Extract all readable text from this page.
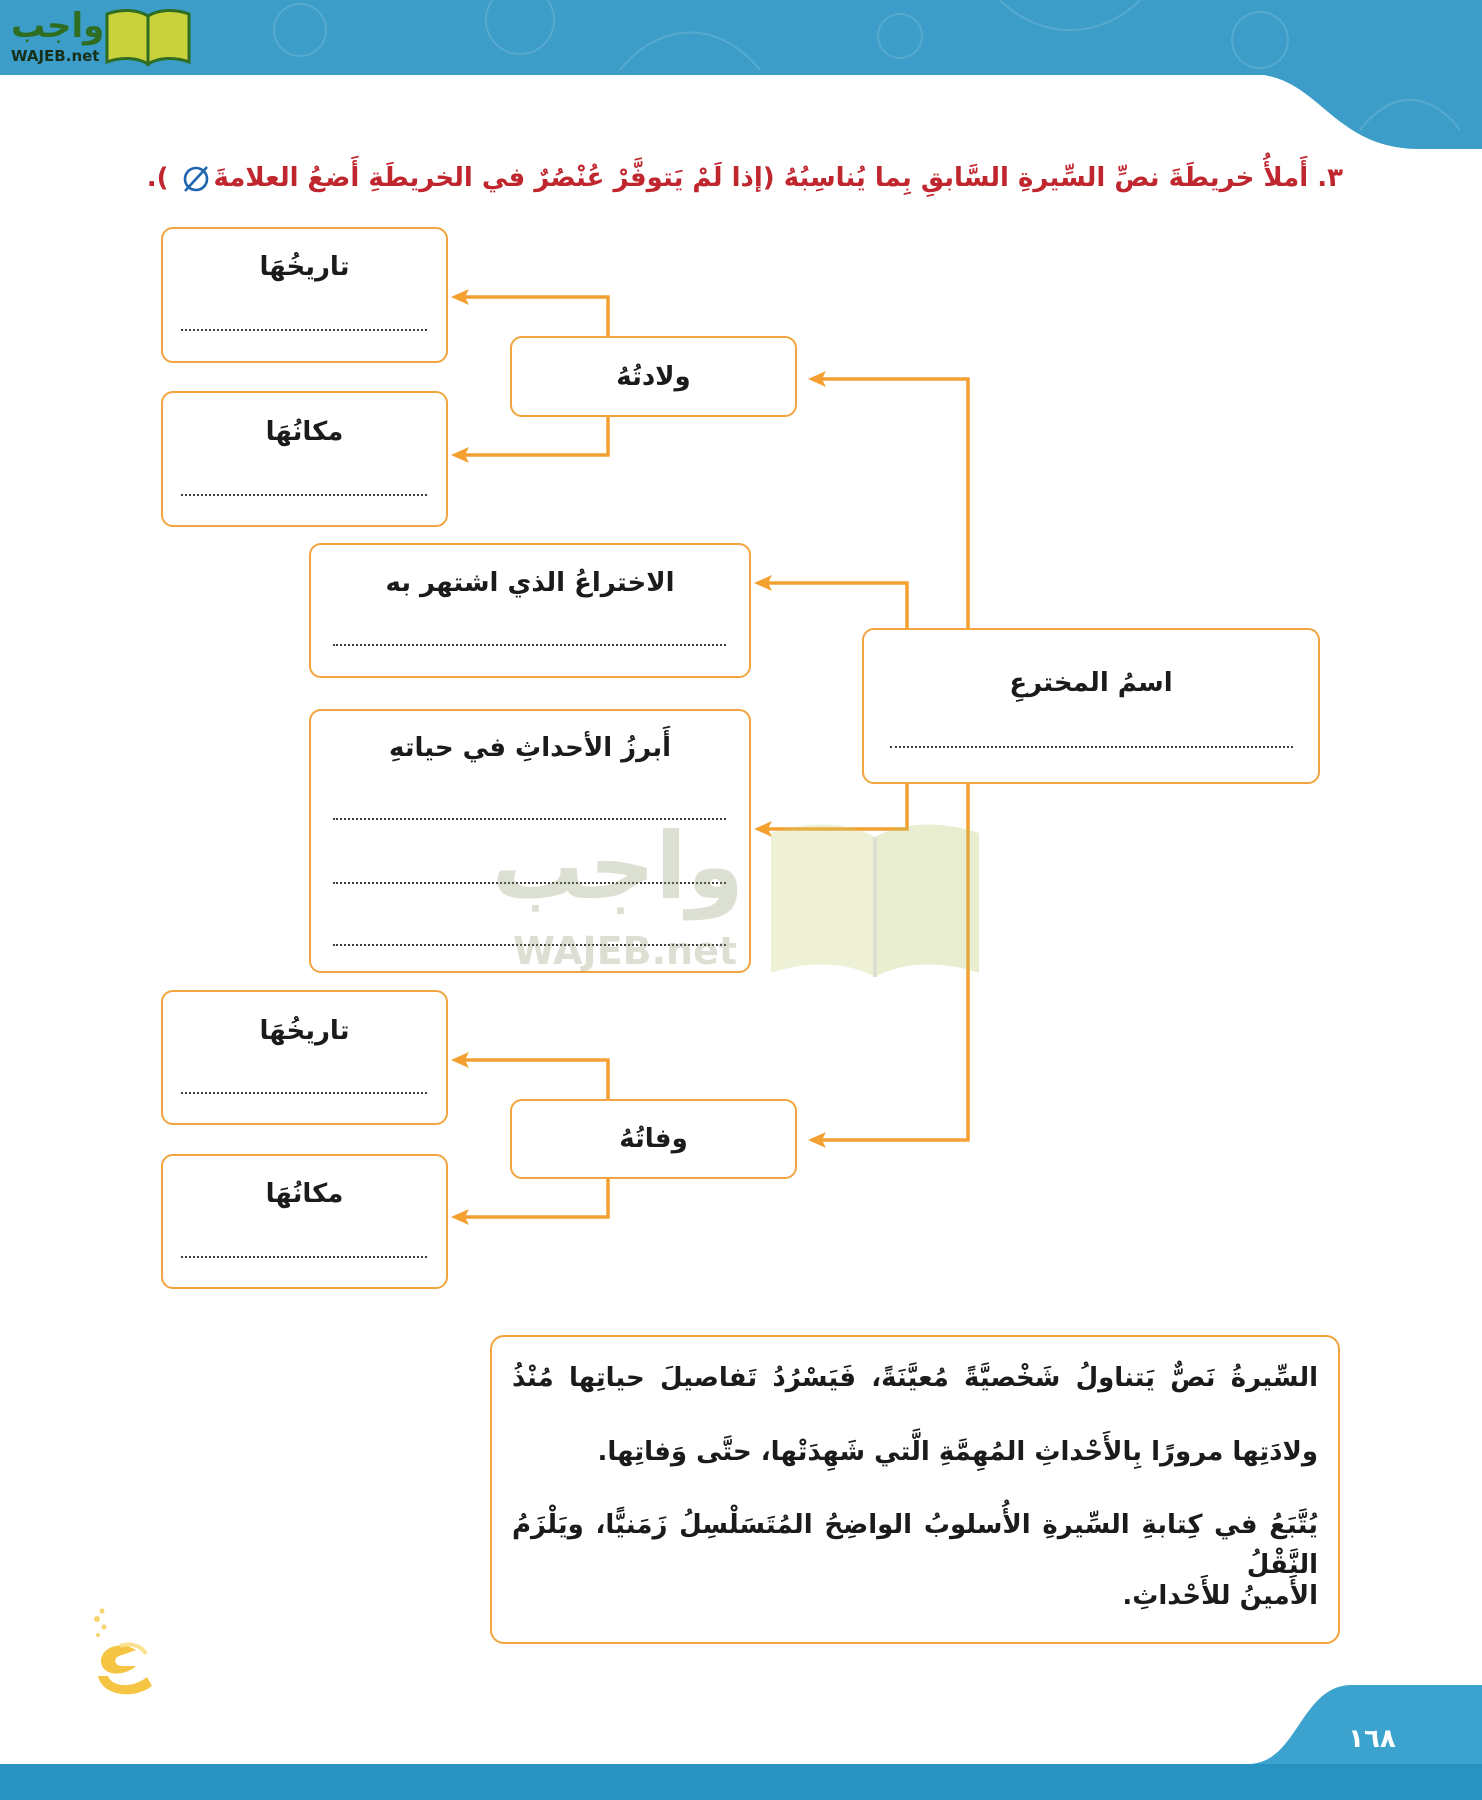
واجب
WAJEB.net
٣. أَملأُ خريطَةَ نصِّ السِّيرةِ السَّابقِ بِما يُناسِبُهُ (إذا لَمْ يَتوفَّرْ عُنْصُرٌ في الخريطَةِ أَضعُ العلامةَ ).
تاريخُهَا
ولادتُهُ
مكانُهَا
الاختراعُ الذي اشتهر به
أَبرزُ الأحداثِ في حياتهِ
اسمُ المخترعِ
تاريخُهَا
وفاتُهُ
مكانُهَا
واجب
WAJEB.net
السِّيرةُ نَصٌّ يَتناولُ شَخْصيَّةً مُعيَّنَةً، فَيَسْرُدُ تَفاصيلَ حياتِها مُنْذُ
ولادَتِها مرورًا بِالأَحْداثِ المُهِمَّةِ الَّتي شَهِدَتْها، حتَّى وَفاتِها.
يُتَّبَعُ في كِتابةِ السِّيرةِ الأُسلوبُ الواضِحُ المُتَسَلْسِلُ زَمَنيًّا، ويَلْزَمُ النَّقْلُ
الأَمينُ للأَحْداثِ.
١٦٨
